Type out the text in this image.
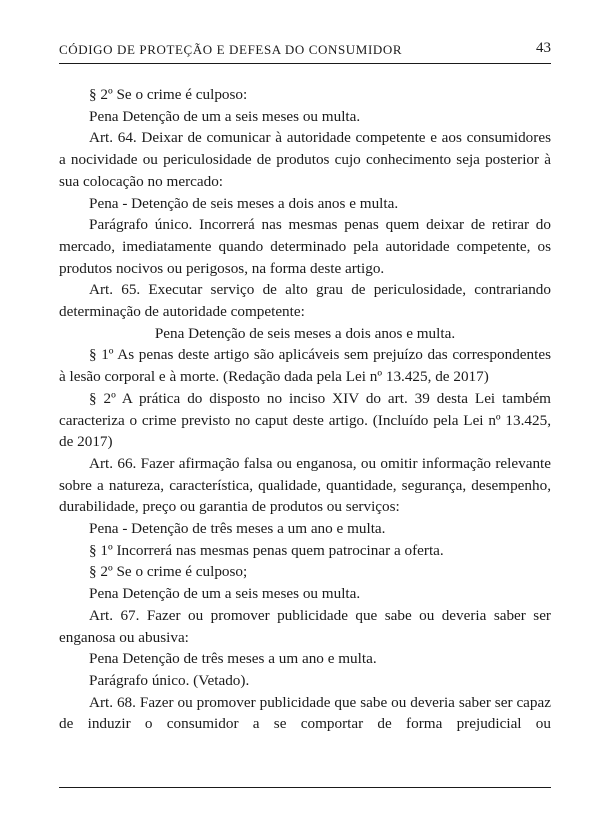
CÓDIGO DE PROTEÇÃO E DEFESA DO CONSUMIDOR	43

§ 2º Se o crime é culposo:

Pena Detenção de um a seis meses ou multa.

Art. 64. Deixar de comunicar à autoridade competente e aos consumidores a nocividade ou periculosidade de produtos cujo conhecimento seja posterior à sua colocação no mercado:

Pena - Detenção de seis meses a dois anos e multa.

Parágrafo único. Incorrerá nas mesmas penas quem deixar de retirar do mercado, imediatamente quando determinado pela autoridade competente, os produtos nocivos ou perigosos, na forma deste artigo.

Art. 65. Executar serviço de alto grau de periculosidade, contrariando determinação de autoridade competente:

Pena Detenção de seis meses a dois anos e multa.

§ 1º As penas deste artigo são aplicáveis sem prejuízo das correspondentes à lesão corporal e à morte. (Redação dada pela Lei nº 13.425, de 2017)

§ 2º A prática do disposto no inciso XIV do art. 39 desta Lei também caracteriza o crime previsto no caput deste artigo. (Incluído pela Lei nº 13.425, de 2017)

Art. 66. Fazer afirmação falsa ou enganosa, ou omitir informação relevante sobre a natureza, característica, qualidade, quantidade, segurança, desempenho, durabilidade, preço ou garantia de produtos ou serviços:

Pena - Detenção de três meses a um ano e multa.

§ 1º Incorrerá nas mesmas penas quem patrocinar a oferta.

§ 2º Se o crime é culposo;

Pena Detenção de um a seis meses ou multa.

Art. 67. Fazer ou promover publicidade que sabe ou deveria saber ser enganosa ou abusiva:

Pena Detenção de três meses a um ano e multa.

Parágrafo único. (Vetado).

Art. 68. Fazer ou promover publicidade que sabe ou deveria saber ser capaz de induzir o consumidor a se comportar de forma prejudicial ou
